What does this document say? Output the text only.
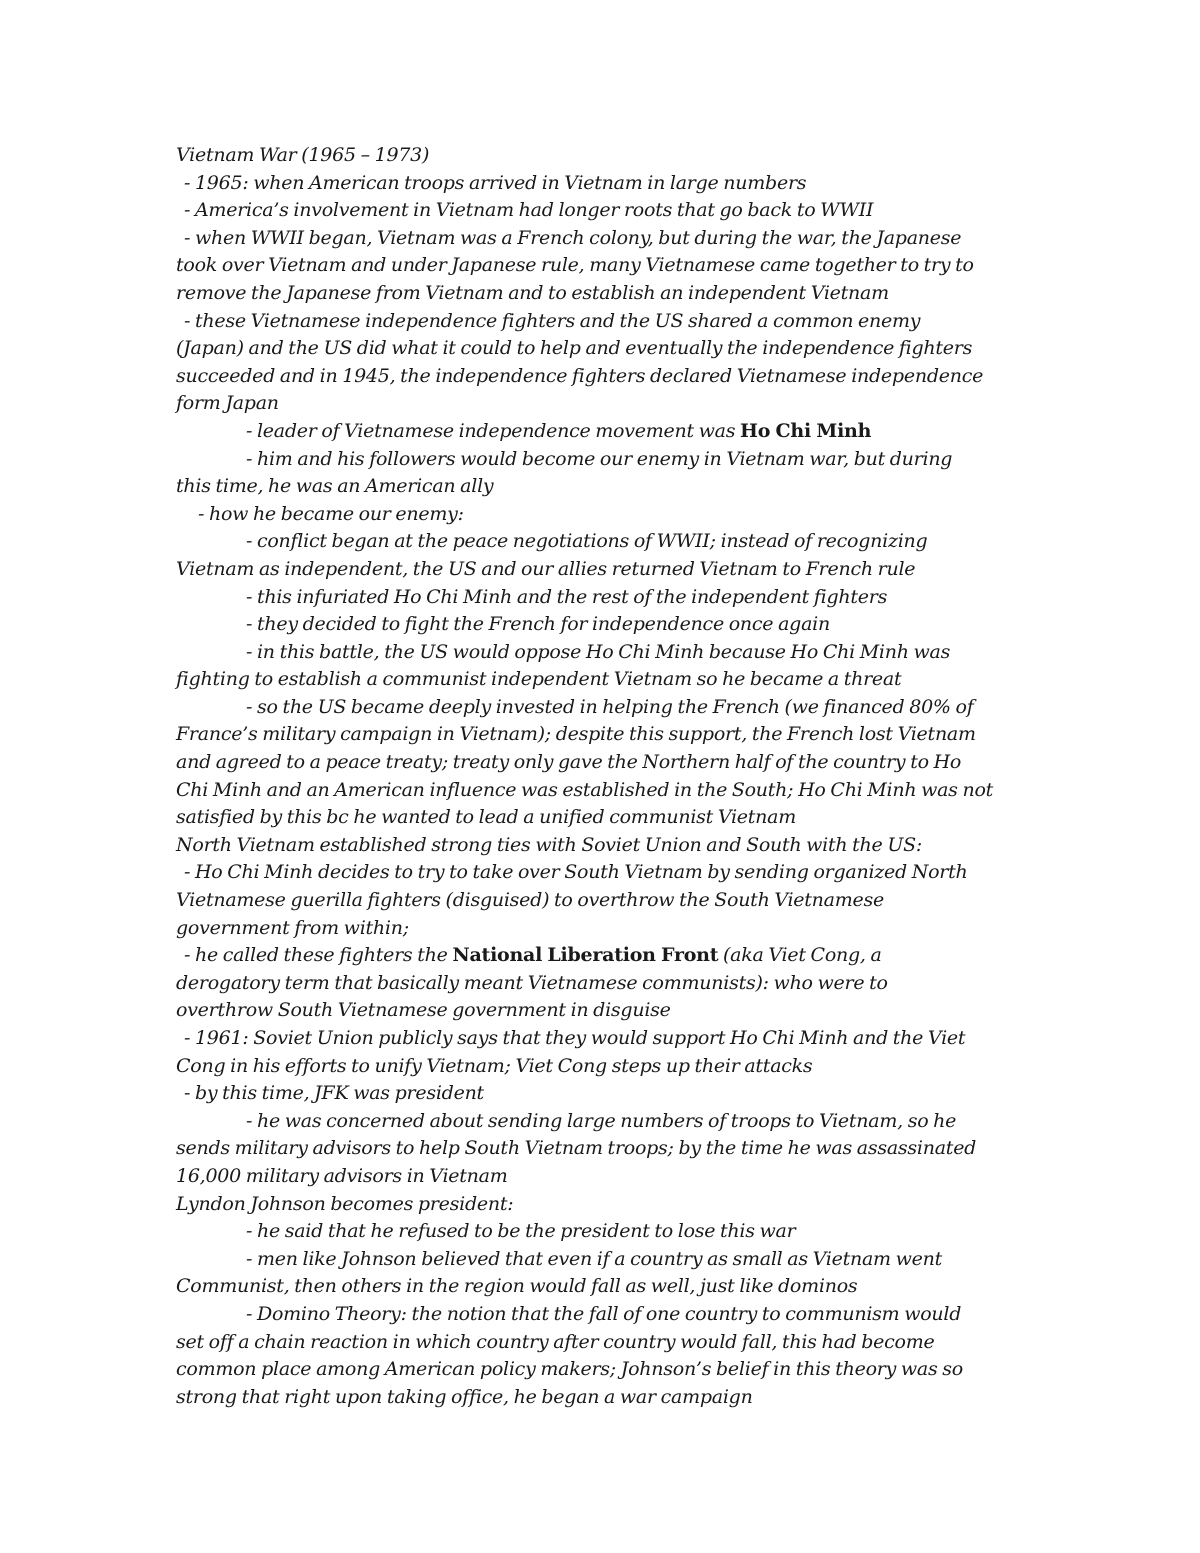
Vietnam War (1965 – 1973)
- 1965: when American troops arrived in Vietnam in large numbers
- America’s involvement in Vietnam had longer roots that go back to WWII
- when WWII began, Vietnam was a French colony, but during the war, the Japanese
took over Vietnam and under Japanese rule, many Vietnamese came together to try to
remove the Japanese from Vietnam and to establish an independent Vietnam
- these Vietnamese independence fighters and the US shared a common enemy
(Japan) and the US did what it could to help and eventually the independence fighters
succeeded and in 1945, the independence fighters declared Vietnamese independence
form Japan
- leader of Vietnamese independence movement was Ho Chi Minh
- him and his followers would become our enemy in Vietnam war, but during
this time, he was an American ally
- how he became our enemy:
- conflict began at the peace negotiations of WWII; instead of recognizing
Vietnam as independent, the US and our allies returned Vietnam to French rule
- this infuriated Ho Chi Minh and the rest of the independent fighters
- they decided to fight the French for independence once again
- in this battle, the US would oppose Ho Chi Minh because Ho Chi Minh was
fighting to establish a communist independent Vietnam so he became a threat
- so the US became deeply invested in helping the French (we financed 80% of
France’s military campaign in Vietnam); despite this support, the French lost Vietnam
and agreed to a peace treaty; treaty only gave the Northern half of the country to Ho
Chi Minh and an American influence was established in the South; Ho Chi Minh was not
satisfied by this bc he wanted to lead a unified communist Vietnam
North Vietnam established strong ties with Soviet Union and South with the US:
- Ho Chi Minh decides to try to take over South Vietnam by sending organized North
Vietnamese guerilla fighters (disguised) to overthrow the South Vietnamese
government from within;
- he called these fighters the National Liberation Front (aka Viet Cong, a
derogatory term that basically meant Vietnamese communists): who were to
overthrow South Vietnamese government in disguise
- 1961: Soviet Union publicly says that they would support Ho Chi Minh and the Viet
Cong in his efforts to unify Vietnam; Viet Cong steps up their attacks
- by this time, JFK was president
- he was concerned about sending large numbers of troops to Vietnam, so he
sends military advisors to help South Vietnam troops; by the time he was assassinated
16,000 military advisors in Vietnam
Lyndon Johnson becomes president:
- he said that he refused to be the president to lose this war
- men like Johnson believed that even if a country as small as Vietnam went
Communist, then others in the region would fall as well, just like dominos
- Domino Theory: the notion that the fall of one country to communism would
set off a chain reaction in which country after country would fall, this had become
common place among American policy makers; Johnson’s belief in this theory was so
strong that right upon taking office, he began a war campaign
